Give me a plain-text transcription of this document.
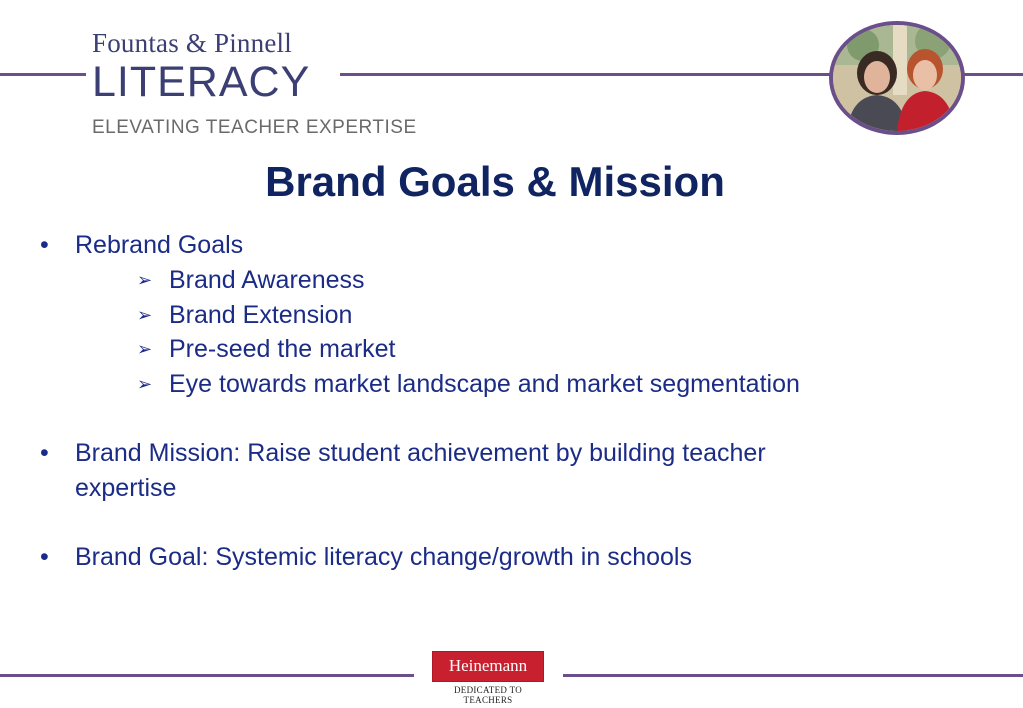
Fountas & Pinnell
LITERACY
ELEVATING TEACHER EXPERTISE
Brand Goals & Mission
• Rebrand Goals
➢ Brand Awareness
➢ Brand Extension
➢ Pre-seed the market
➢ Eye towards market landscape and market segmentation
• Brand Mission: Raise student achievement by building teacher
expertise
• Brand Goal: Systemic literacy change/growth in schools
Heinemann
DEDICATED TO TEACHERS
